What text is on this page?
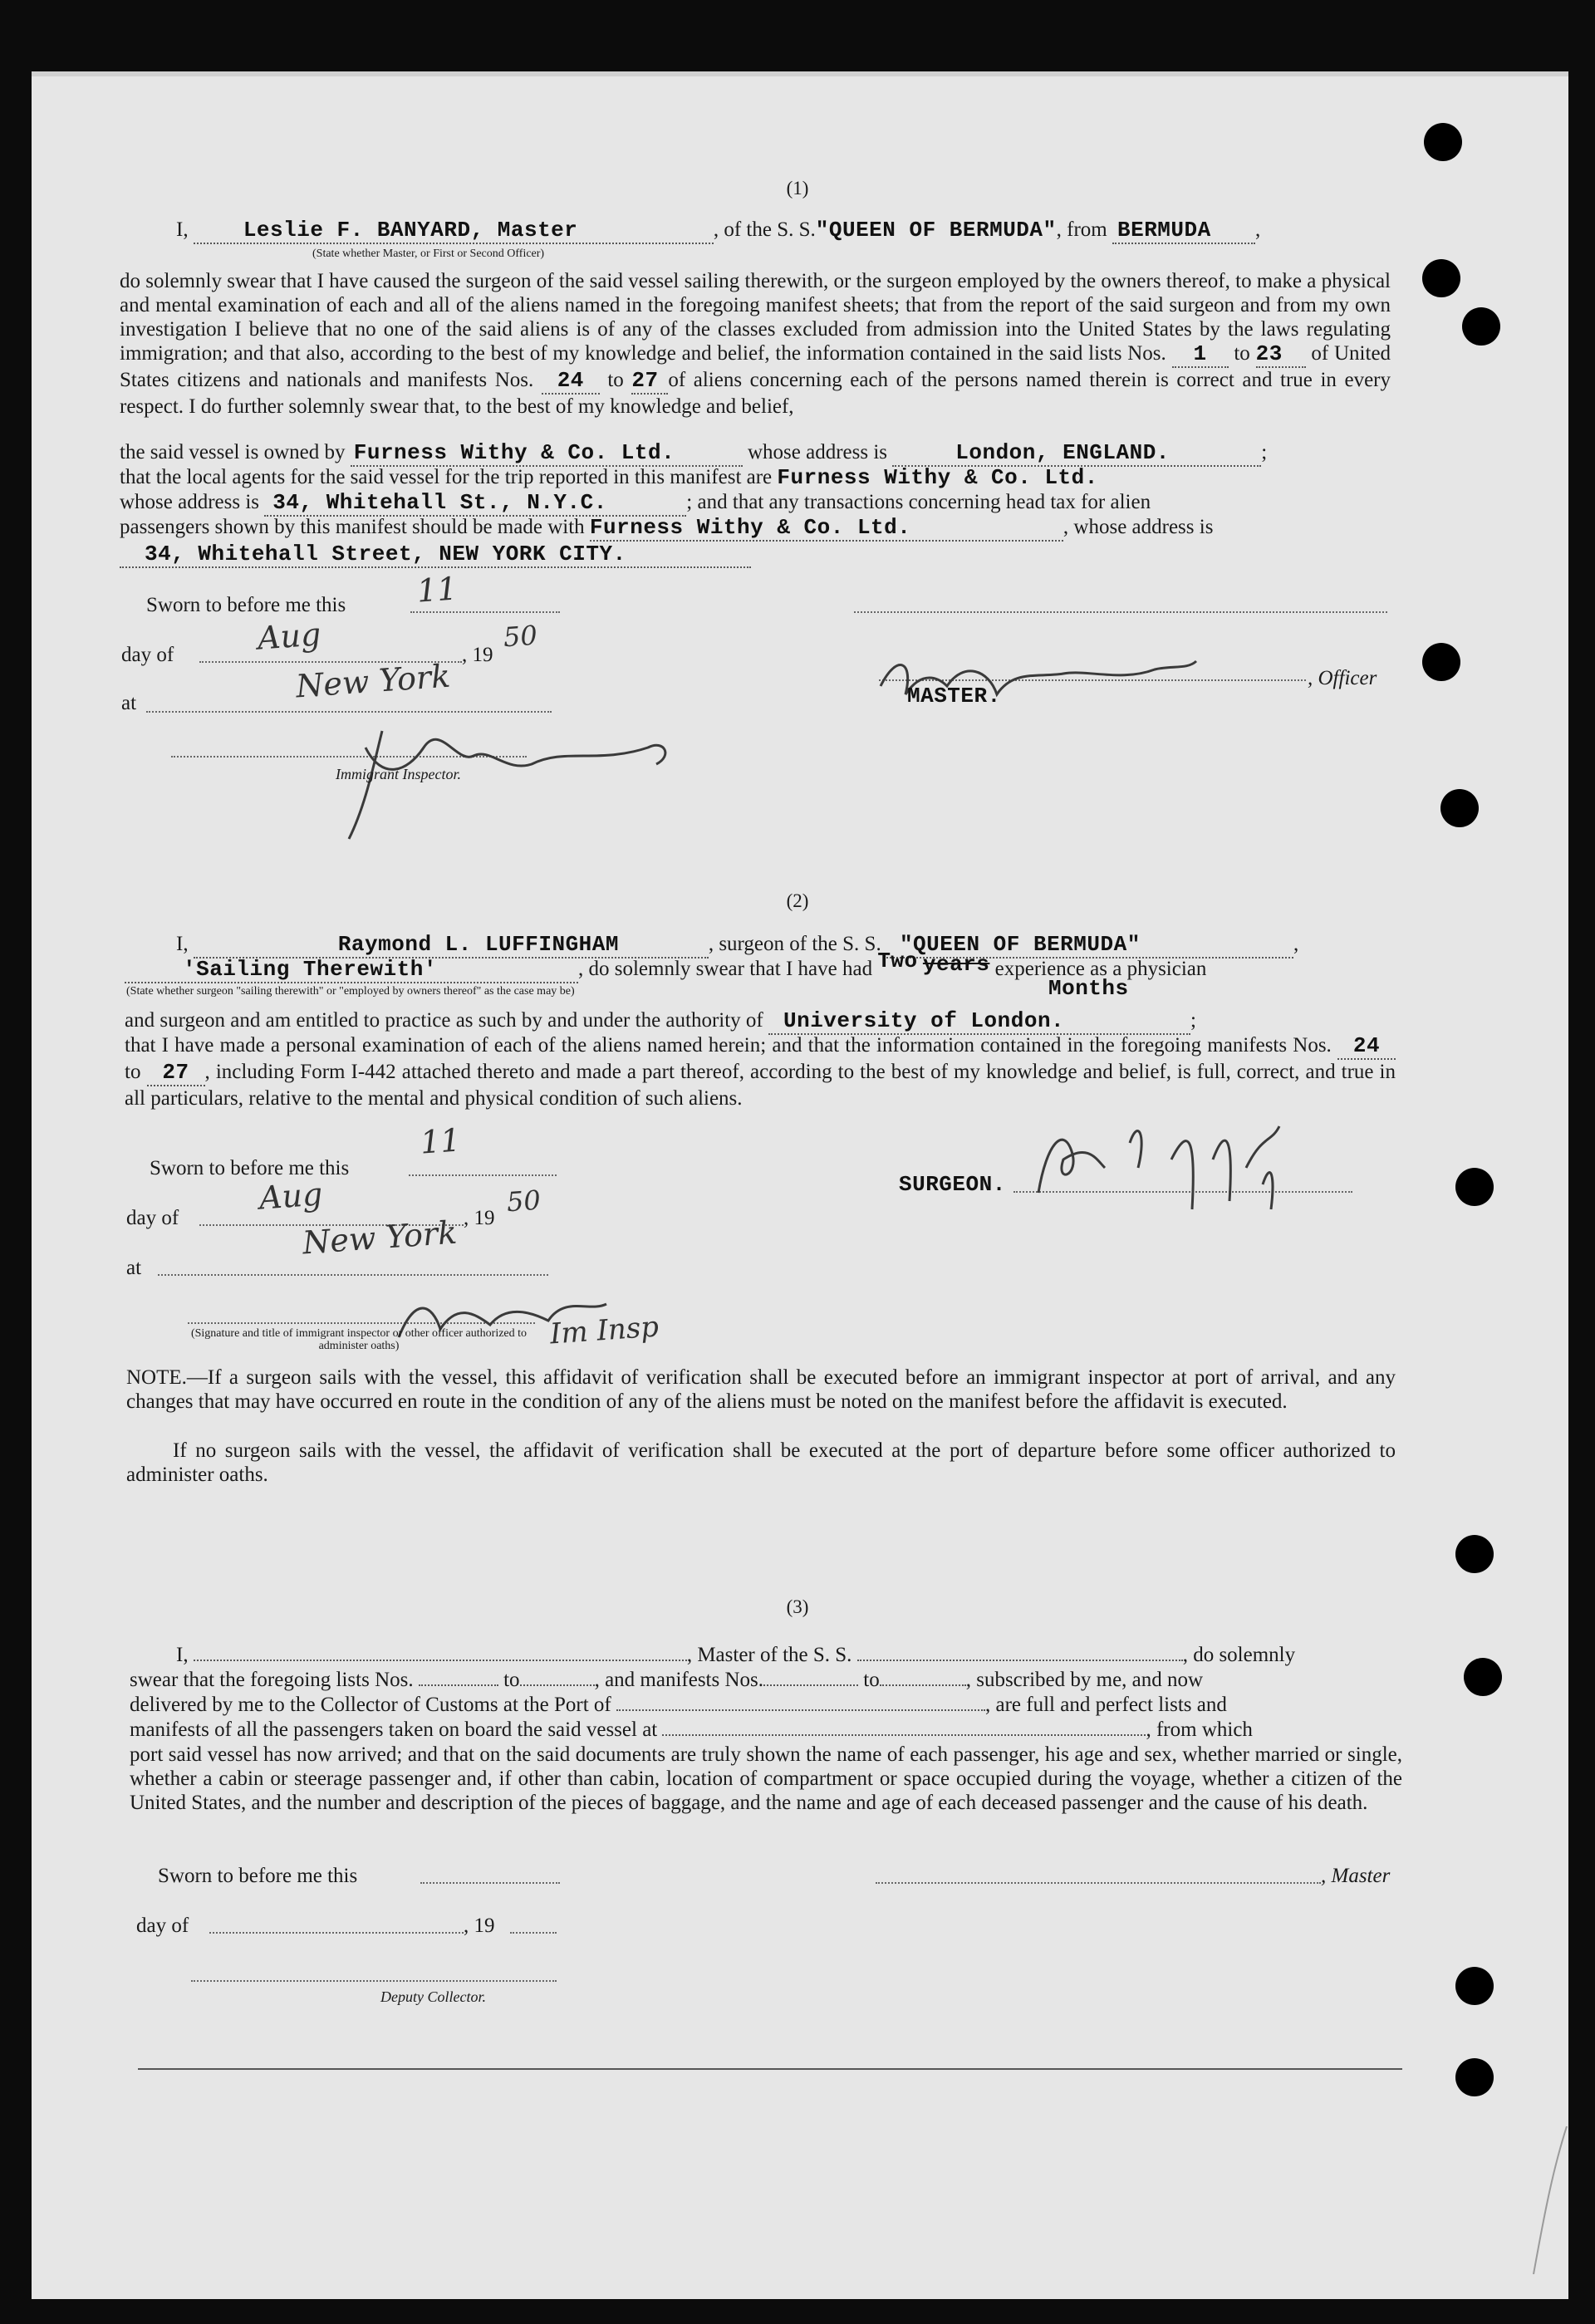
(1)
I,	Leslie F. BANYARD, Master	, of the S. S."QUEEN OF BERMUDA", from BERMUDA ,
(State whether Master, or First or Second Officer)
do solemnly swear that I have caused the surgeon of the said vessel sailing therewith, or the surgeon employed by the owners thereof, to make a physical and mental examination of each and all of the aliens named in the foregoing manifest sheets; that from the report of the said surgeon and from my own investigation I believe that no one of the said aliens is of any of the classes excluded from admission into the United States by the laws regulating immigration; and that also, according to the best of my knowledge and belief, the information contained in the said lists Nos. 1 to 23 of United States citizens and nationals and manifests Nos. 24 to 27 of aliens concerning each of the persons named therein is correct and true in every respect. I do further solemnly swear that, to the best of my knowledge and belief,
the said vessel is owned by Furness Withy & Co. Ltd.	whose address is	London, ENGLAND.	;
that the local agents for the said vessel for the trip reported in this manifest are Furness Withy & Co. Ltd.
whose address is 34, Whitehall St., N.Y.C.	; and that any transactions concerning head tax for alien
passengers shown by this manifest should be made with Furness Withy & Co. Ltd.	, whose address is
34, Whitehall Street, NEW YORK CITY.
Sworn to before me this 11
day of	Aug	, 19
50
at	New York
Immigrant Inspector.
, Officer
MASTER.
(2)
I,	Raymond L. LUFFINGHAM	, surgeon of the S. S. "QUEEN OF BERMUDA"	,
'Sailing Therewith'	, do solemnly swear that I have had Two years experience as a physician
(State whether surgeon "sailing therewith" or "employed by owners thereof" as the case may be)	Months
and surgeon and am entitled to practice as such by and under the authority of University of London.	;
that I have made a personal examination of each of the aliens named herein; and that the information contained in the foregoing manifests Nos. 24 to 27 , including Form I-442 attached thereto and made a part thereof, according to the best of my knowledge and belief, is full, correct, and true in all particulars, relative to the mental and physical condition of such aliens.
Sworn to before me this
11
day of
Aug
, 19
50
at
New York
Im Insp
(Signature and title of immigrant inspector or other officer authorized to administer oaths)
SURGEON.
NOTE.—If a surgeon sails with the vessel, this affidavit of verification shall be executed before an immigrant inspector at port of arrival, and any changes that may have occurred en route in the condition of any of the aliens must be noted on the manifest before the affidavit is executed.
If no surgeon sails with the vessel, the affidavit of verification shall be executed at the port of departure before some officer authorized to administer oaths.
(3)
I,	, Master of the S. S.	, do solemnly
swear that the foregoing lists Nos.	to	, and manifests Nos.	to	, subscribed by me, and now
delivered by me to the Collector of Customs at the Port of	, are full and perfect lists and
manifests of all the passengers taken on board the said vessel at	, from which
port said vessel has now arrived; and that on the said documents are truly shown the name of each passenger, his age and sex, whether married or single, whether a cabin or steerage passenger and, if other than cabin, location of compartment or space occupied during the voyage, whether a citizen of the United States, and the number and description of the pieces of baggage, and the name and age of each deceased passenger and the cause of his death.
Sworn to before me this	, Master
day of	, 19
Deputy Collector.
